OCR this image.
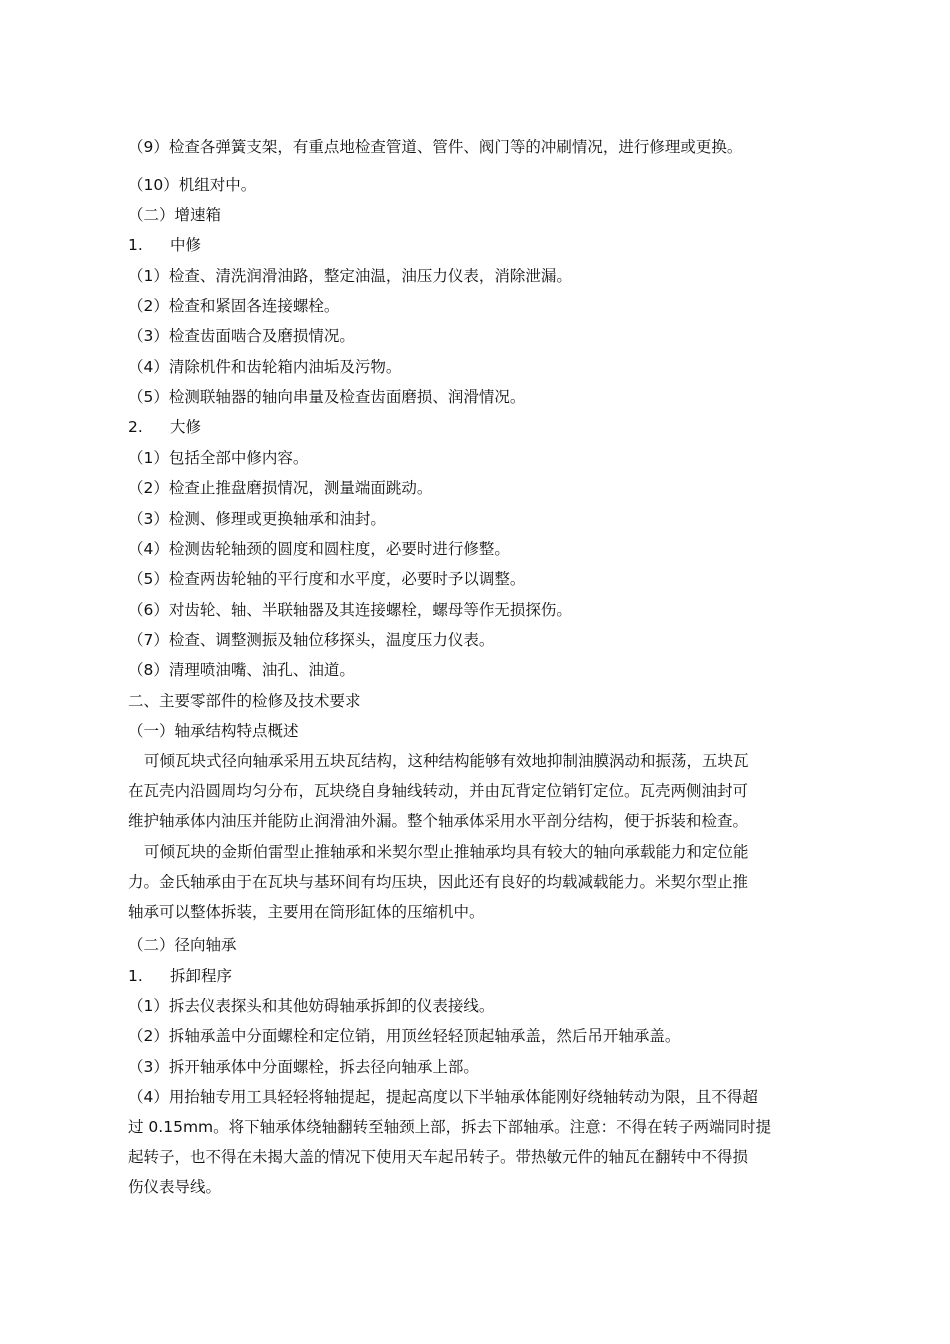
（9）检查各弹簧支架，有重点地检查管道、管件、阀门等的冲刷情况，进行修理或更换。
（10）机组对中。
（二）增速箱
1. 中修
（1）检查、清洗润滑油路，整定油温，油压力仪表，消除泄漏。
（2）检查和紧固各连接螺栓。
（3）检查齿面啮合及磨损情况。
（4）清除机件和齿轮箱内油垢及污物。
（5）检测联轴器的轴向串量及检查齿面磨损、润滑情况。
2. 大修
（1）包括全部中修内容。
（2）检查止推盘磨损情况，测量端面跳动。
（3）检测、修理或更换轴承和油封。
（4）检测齿轮轴颈的圆度和圆柱度，必要时进行修整。
（5）检查两齿轮轴的平行度和水平度，必要时予以调整。
（6）对齿轮、轴、半联轴器及其连接螺栓，螺母等作无损探伤。
（7）检查、调整测振及轴位移探头，温度压力仪表。
（8）清理喷油嘴、油孔、油道。
二、主要零部件的检修及技术要求
（一）轴承结构特点概述
可倾瓦块式径向轴承采用五块瓦结构，这种结构能够有效地抑制油膜涡动和振荡，五块瓦
在瓦壳内沿圆周均匀分布，瓦块绕自身轴线转动，并由瓦背定位销钉定位。瓦壳两侧油封可
维护轴承体内油压并能防止润滑油外漏。整个轴承体采用水平剖分结构，便于拆装和检查。
可倾瓦块的金斯伯雷型止推轴承和米契尔型止推轴承均具有较大的轴向承载能力和定位能
力。金氏轴承由于在瓦块与基环间有均压块，因此还有良好的均载减载能力。米契尔型止推
轴承可以整体拆装，主要用在筒形缸体的压缩机中。
（二）径向轴承
1. 拆卸程序
（1）拆去仪表探头和其他妨碍轴承拆卸的仪表接线。
（2）拆轴承盖中分面螺栓和定位销，用顶丝轻轻顶起轴承盖，然后吊开轴承盖。
（3）拆开轴承体中分面螺栓，拆去径向轴承上部。
（4）用抬轴专用工具轻轻将轴提起，提起高度以下半轴承体能刚好绕轴转动为限，且不得超
过 0.15mm。将下轴承体绕轴翻转至轴颈上部，拆去下部轴承。注意：不得在转子两端同时提
起转子，也不得在未揭大盖的情况下使用天车起吊转子。带热敏元件的轴瓦在翻转中不得损
伤仪表导线。
